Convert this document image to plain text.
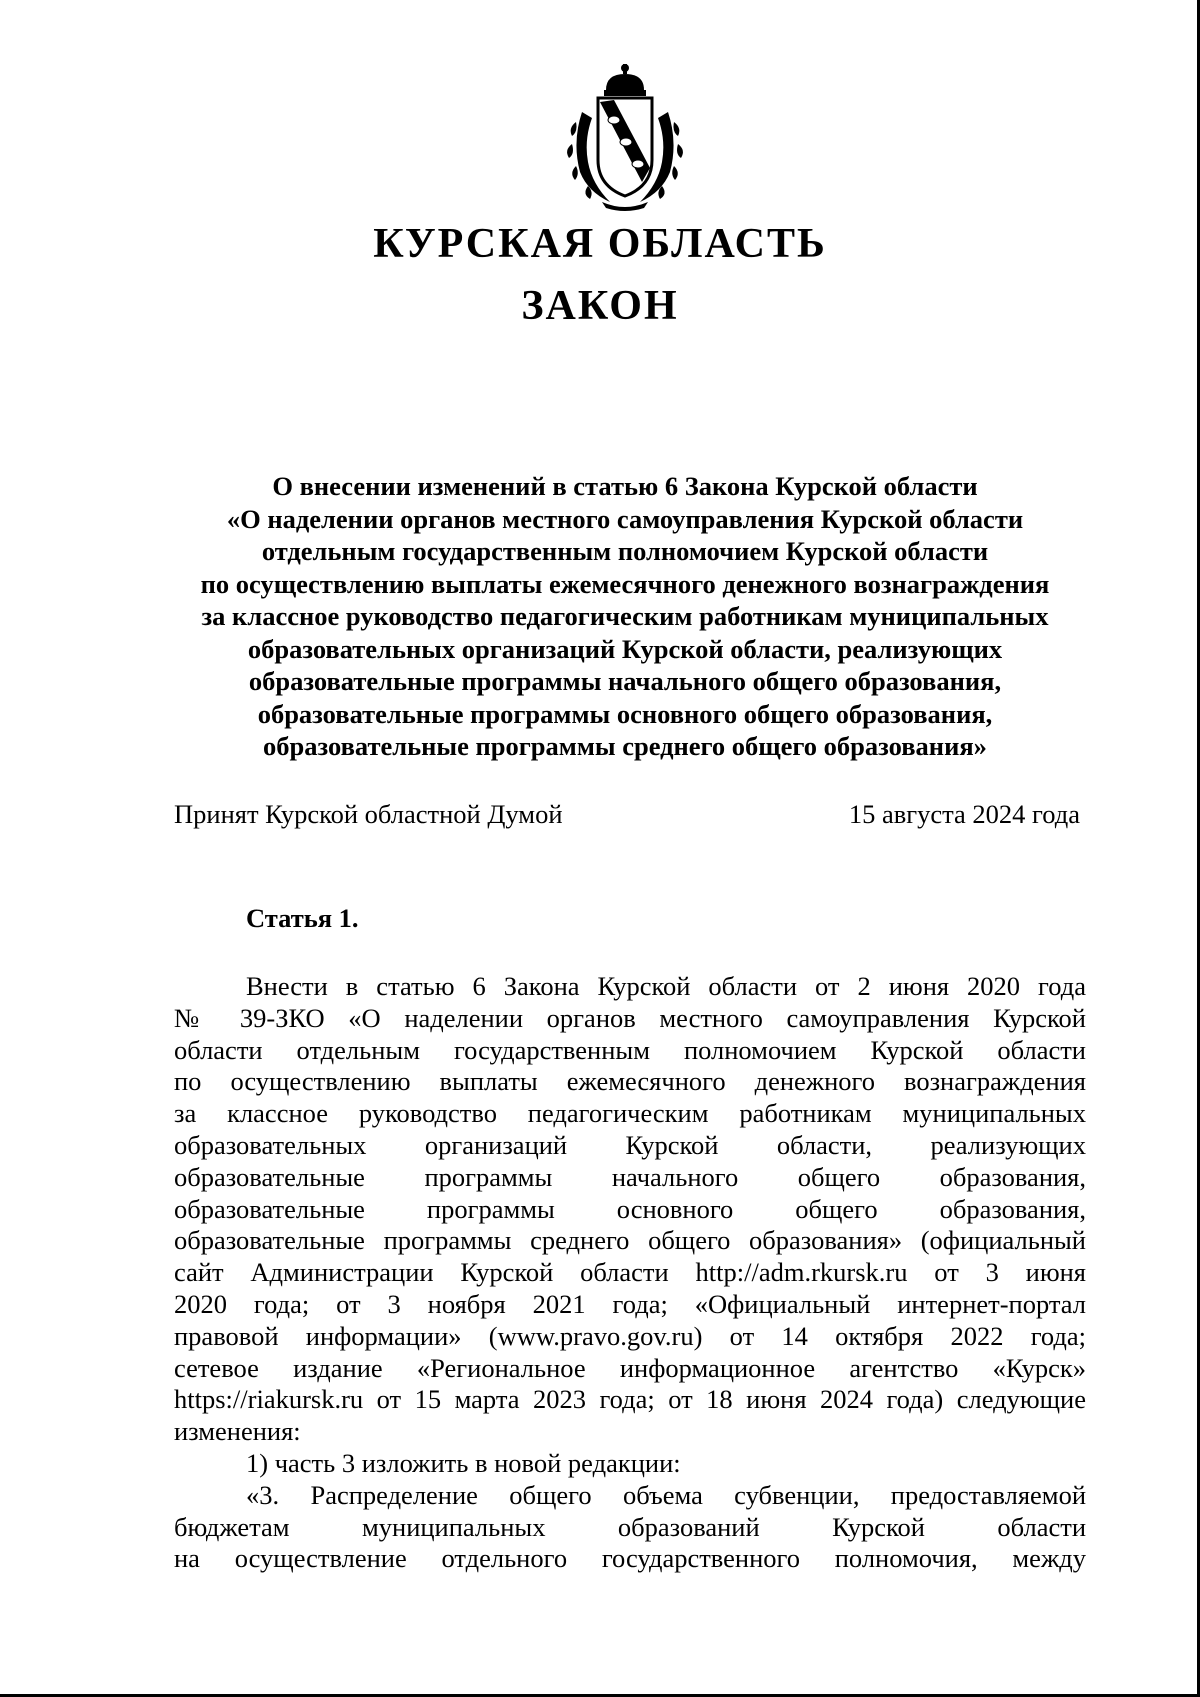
КУРСКАЯ ОБЛАСТЬ
ЗАКОН
О внесении изменений в статью 6 Закона Курской области
«О наделении органов местного самоуправления Курской области
отдельным государственным полномочием Курской области
по осуществлению выплаты ежемесячного денежного вознаграждения
за классное руководство педагогическим работникам муниципальных
образовательных организаций Курской области, реализующих
образовательные программы начального общего образования,
образовательные программы основного общего образования,
образовательные программы среднего общего образования»
Принят Курской областной Думой	15 августа 2024 года
Статья 1.
Внести в статью 6 Закона Курской области от 2 июня 2020 года
№ 39-ЗКО «О наделении органов местного самоуправления Курской
области отдельным государственным полномочием Курской области
по осуществлению выплаты ежемесячного денежного вознаграждения
за классное руководство педагогическим работникам муниципальных
образовательных организаций Курской области, реализующих
образовательные программы начального общего образования,
образовательные программы основного общего образования,
образовательные программы среднего общего образования» (официальный
сайт Администрации Курской области http://adm.rkursk.ru от 3 июня
2020 года; от 3 ноября 2021 года; «Официальный интернет-портал
правовой информации» (www.pravo.gov.ru) от 14 октября 2022 года;
сетевое издание «Региональное информационное агентство «Курск»
https://riakursk.ru от 15 марта 2023 года; от 18 июня 2024 года) следующие
изменения:
1) часть 3 изложить в новой редакции:
«3. Распределение общего объема субвенции, предоставляемой
бюджетам муниципальных образований Курской области
на осуществление отдельного государственного полномочия, между
